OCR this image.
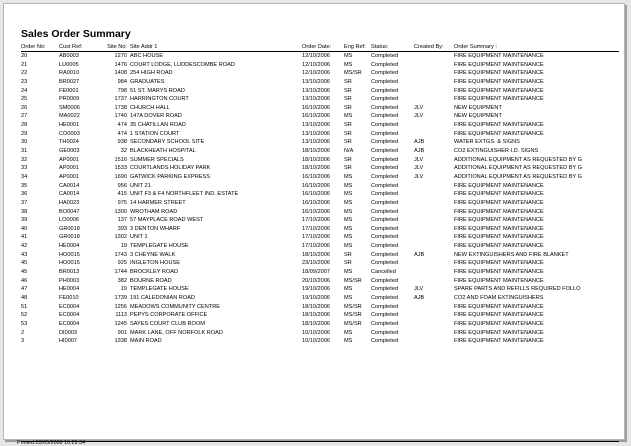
Sales Order Summary
Order No:	Cust Ref:	Site No: Site Addr 1	Order Date:	Eng Ref: Status:	Created By:	Order Summary :
20	AB0003	1270 ABC HOUSE	12/10/2006	MS	Completed	FIRE EQUIPMENT MAINTENANCE
21	LU0005	1476 COURT LODGE, LUDDESCOMBE ROAD	12/10/2006	MS	Completed	FIRE EQUIPMENT MAINTENANCE
22	RA0010	1408 254 HIGH ROAD	12/10/2006	MS/SR	Completed	FIRE EQUIPMENT MAINTENANCE
23	BR0027	984 GRADUATES	13/10/2006	SR	Completed	FIRE EQUIPMENT MAINTENANCE
24	FE0001	798 51 ST. MARYS ROAD	13/10/2006	SR	Completed	FIRE EQUIPMENT MAINTENANCE
25	PR0009	1737 HARRINGTON COURT	13/10/2006	SR	Completed	FIRE EQUIPMENT MAINTENANCE
26	SM0006	1738 CHURCH HALL	16/10/2006	SR	Completed	JLV	NEW EQUIPMENT
27	MA0022	1740 147A DOVER ROAD	16/10/2006	MS	Completed	JLV	NEW EQUIPMENT
28	HE0001	474 35 CHATILLAN ROAD	13/10/2006	SR	Completed	FIRE EQUIPMENT MAINTENANCE
29	CO0003	474 1 STATION COURT	13/10/2006	SR	Completed	FIRE EQUIPMENT MAINTENANCE
30	TH0024	938 SECONDARY SCHOOL SITE	13/10/2006	SR	Completed	AJB	WATER EXTGS. & SIGNS
31	GE0003	32 BLACKHEATH HOSPITAL	18/10/2006	N/A	Completed	AJB	CO2 EXTINGUISHER I.D. SIGNS
32	AP0001	1516 SUMMER SPECIALS	18/10/2006	SR	Completed	JLV	ADDITIONAL EQUIPMENT AS REQUESTED BY G
33	AP0001	1533 COURTLANDS HOLIDAY PARK	18/10/2006	SR	Completed	JLV	ADDITIONAL EQUIPMENT AS REQUESTED BY G
34	AP0001	1690 GATWICK PARKING EXPRESS	16/10/2006	MS	Completed	JLV	ADDITIONAL EQUIPMENT AS REQUESTED BY G
35	CA0014	956 UNIT 21	16/10/2006	MS	Completed	FIRE EQUIPMENT MAINTENANCE
36	CA0014	415 UNIT F3 & F4 NORTHFLEET IND. ESTATE	16/10/2006	MS	Completed	FIRE EQUIPMENT MAINTENANCE
37	HA0023	975 14 HARMER STREET	16/10/2006	MS	Completed	FIRE EQUIPMENT MAINTENANCE
38	BO0047	1300 WROTHAM ROAD	16/10/2006	MS	Completed	FIRE EQUIPMENT MAINTENANCE
39	LO0006	137 57 MAYPLACE ROAD WEST	17/10/2006	MS	Completed	FIRE EQUIPMENT MAINTENANCE
40	GR0018	393 3 DENTON WHARF	17/10/2006	MS	Completed	FIRE EQUIPMENT MAINTENANCE
41	GR0018	1302 UNIT 1	17/10/2006	MS	Completed	FIRE EQUIPMENT MAINTENANCE
42	HE0004	19 TEMPLEGATE HOUSE	17/10/2006	MS	Completed	FIRE EQUIPMENT MAINTENANCE
43	HO0015	1743 3 CHEYNE WALK	18/10/2006	SR	Completed	AJB	NEW EXTINGUISHERS AND FIRE BLANKET
45	HO0015	925 INGLETON HOUSE	23/10/2006	SR	Completed	FIRE EQUIPMENT MAINTENANCE
45	BR0013	1744 BROCKLEY ROAD	18/09/2007	MS	Cancelled	FIRE EQUIPMENT MAINTENANCE
46	PH0003	382 BOURNE ROAD	20/10/2006	MS/SR	Completed	FIRE EQUIPMENT MAINTENANCE
47	HE0004	19 TEMPLEGATE HOUSE	19/10/2006	MS	Completed	JLV	SPARE PARTS AND REFILLS REQUIRED FOLLO
48	FE0010	1739 191 CALEDONIAN ROAD	19/10/2006	MS	Completed	AJB	CO2 AND FOAM EXTINGUISHERS
51	EC0004	1256 MEADOWS COMMUNITY CENTRE	18/10/2006	MS/SR	Completed	FIRE EQUIPMENT MAINTENANCE
52	EC0004	1113 PEPYS CORPORATE OFFICE	18/10/2006	MS/SR	Completed	FIRE EQUIPMENT MAINTENANCE
53	EC0004	1245 SAYES COURT CLUB ROOM	18/10/2006	MS/SR	Completed	FIRE EQUIPMENT MAINTENANCE
2	DI0003	901 MARK LANE, OFF NORFOLK ROAD	10/10/2006	MS	Completed	FIRE EQUIPMENT MAINTENANCE
3	HI0007	1338 MAIN ROAD	10/10/2006	MS	Completed	FIRE EQUIPMENT MAINTENANCE
Printed:03/05/2008 16:29:34
